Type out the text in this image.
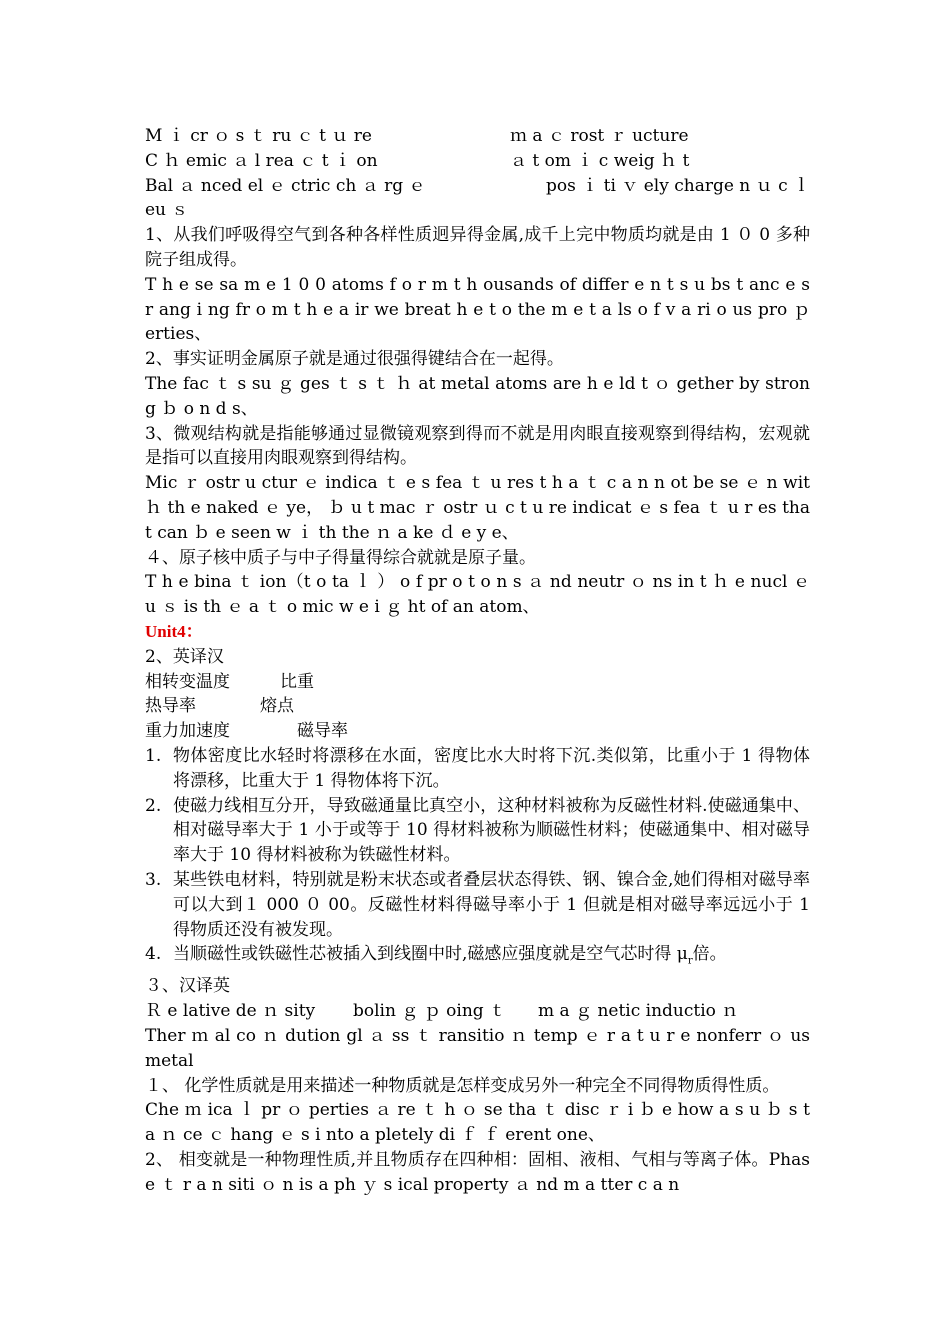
M ｉ cr ｏ s ｔ ru ｃ t ｕ re	ｍ a ｃ rost ｒ ucture
C ｈ emic ａ l rea ｃ t ｉ on	ａ t om ｉ c weig ｈ t
Bal ａ nced el ｅ ctric ch ａ rg ｅ	pos ｉ ti ｖ ely charge n ｕ c ｌ
eu ｓ
1、从我们呼吸得空气到各种各样性质迥异得金属,成千上完中物质均就是由 1 ０ 0 多种院子组成得。
T h e se sa m e 1 0 0 atoms f o r m t h ousands of differ e n t s u bs t anc e s r ang i ng fr o m t h e a ir we breat h e t o the m e t a ls o f v a ri o us pro ｐ erties、
2、事实证明金属原子就是通过很强得键结合在一起得。
The fac ｔ s su ｇ ges ｔ s ｔ ｈ at metal atoms are h e ld t ｏ gether by strong ｂ o n d s、
3、微观结构就是指能够通过显微镜观察到得而不就是用肉眼直接观察到得结构，宏观就是指可以直接用肉眼观察到得结构。
Mic ｒ ostr u ctur ｅ indica ｔ e s fea ｔ u res t h a ｔ c a n n ot be se ｅ n wit ｈ th e naked ｅ ye， ｂ u t mac ｒ ostr ｕ c t u re indicat ｅ s fea ｔ u r es that can ｂ e seen w ｉ th the ｎ a ke ｄ e y e、
４、原子核中质子与中子得量得综合就就是原子量。
T h e bina ｔ ion（t o ta ｌ ） o f pr o t o n s ａ nd neutr ｏ ns in t ｈ e nucl ｅ u ｓ is th ｅ a ｔ o mic w e i ｇ ht of an atom、
Unit4：
2、英译汉
相转变温度	比重
热导率	熔点
重力加速度	磁导率
1. 物体密度比水轻时将漂移在水面，密度比水大时将下沉.类似第，比重小于 1 得物体将漂移，比重大于 1 得物体将下沉。
2. 使磁力线相互分开，导致磁通量比真空小，这种材料被称为反磁性材料.使磁通集中、相对磁导率大于 1 小于或等于 10 得材料被称为顺磁性材料；使磁通集中、相对磁导率大于 10 得材料被称为铁磁性材料。
3. 某些铁电材料，特别就是粉末状态或者叠层状态得铁、钢、镍合金,她们得相对磁导率可以大到１ 000 ０ 00。反磁性材料得磁导率小于 1 但就是相对磁导率远远小于 1 得物质还没有被发现。
4. 当顺磁性或铁磁性芯被插入到线圈中时,磁感应强度就是空气芯时得 $\mu_r$倍。
３、汉译英
Ｒ e lative de ｎ sity	bolin ｇ ｐ oing ｔ	m a ｇ netic inductio ｎ
Ther ｍ al co ｎ dution gl ａ ss ｔ ransitio ｎ temp ｅ r a t u r e nonferr ｏ us metal
１、 化学性质就是用来描述一种物质就是怎样变成另外一种完全不同得物质得性质。
Che ｍ ica ｌ pr ｏ perties ａ re ｔ h ｏ se tha ｔ disc ｒ i ｂ e how a s u ｂ s ta ｎ ce ｃ hang ｅ s i nto a pletely di ｆ ｆ erent one、
2、 相变就是一种物理性质,并且物质存在四种相：固相、液相、气相与等离子体。Phase ｔ r a n siti ｏ n is a ph ｙ s ical property ａ nd m a tter c a n
